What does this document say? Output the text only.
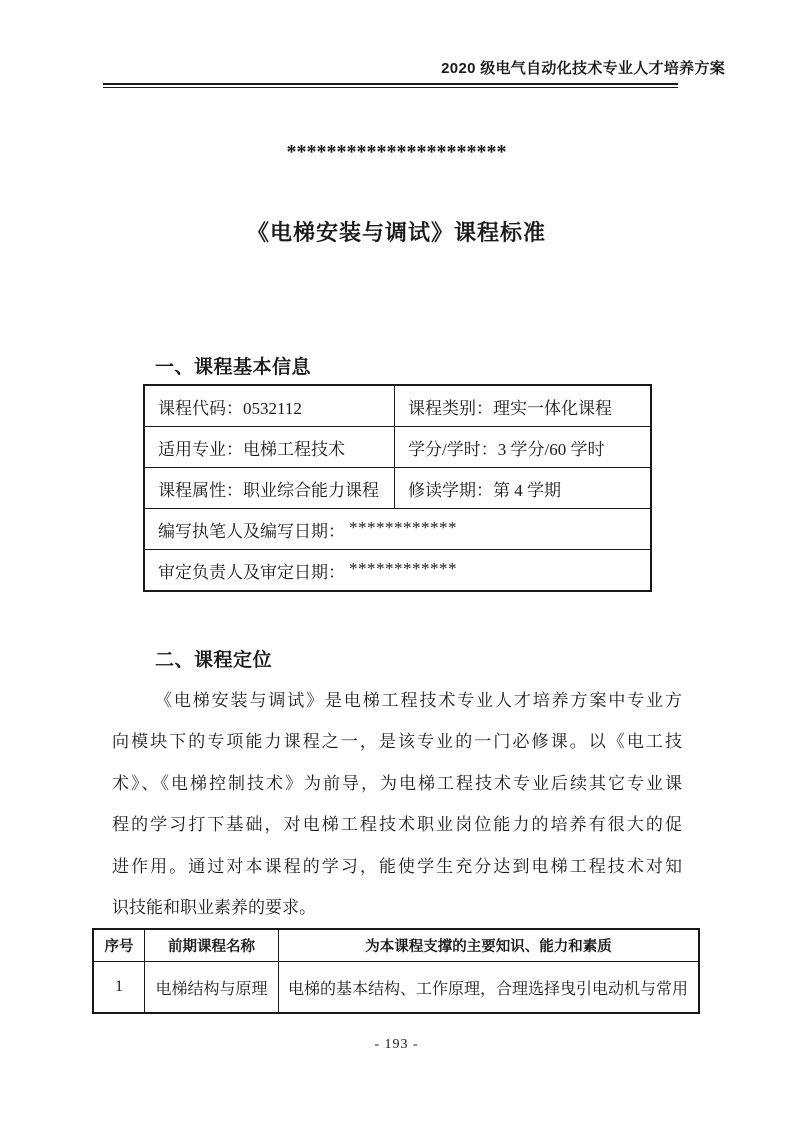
2020 级电气自动化技术专业人才培养方案
**********************
《电梯安装与调试》课程标准
一、课程基本信息
课程代码：0532112	课程类别：理实一体化课程
适用专业：电梯工程技术	学分/学时：3 学分/60 学时
课程属性：职业综合能力课程	修读学期：第 4 学期
编写执笔人及编写日期： ************
审定负责人及审定日期： ************
二、课程定位
《电梯安装与调试》是电梯工程技术专业人才培养方案中专业方
向模块下的专项能力课程之一，是该专业的一门必修课。以《电工技
术》、《电梯控制技术》为前导，为电梯工程技术专业后续其它专业课
程的学习打下基础，对电梯工程技术职业岗位能力的培养有很大的促
进作用。通过对本课程的学习，能使学生充分达到电梯工程技术对知
识技能和职业素养的要求。
序号	前期课程名称	为本课程支撑的主要知识、能力和素质
1	电梯结构与原理	电梯的基本结构、工作原理，合理选择曳引电动机与常用
- 193 -
